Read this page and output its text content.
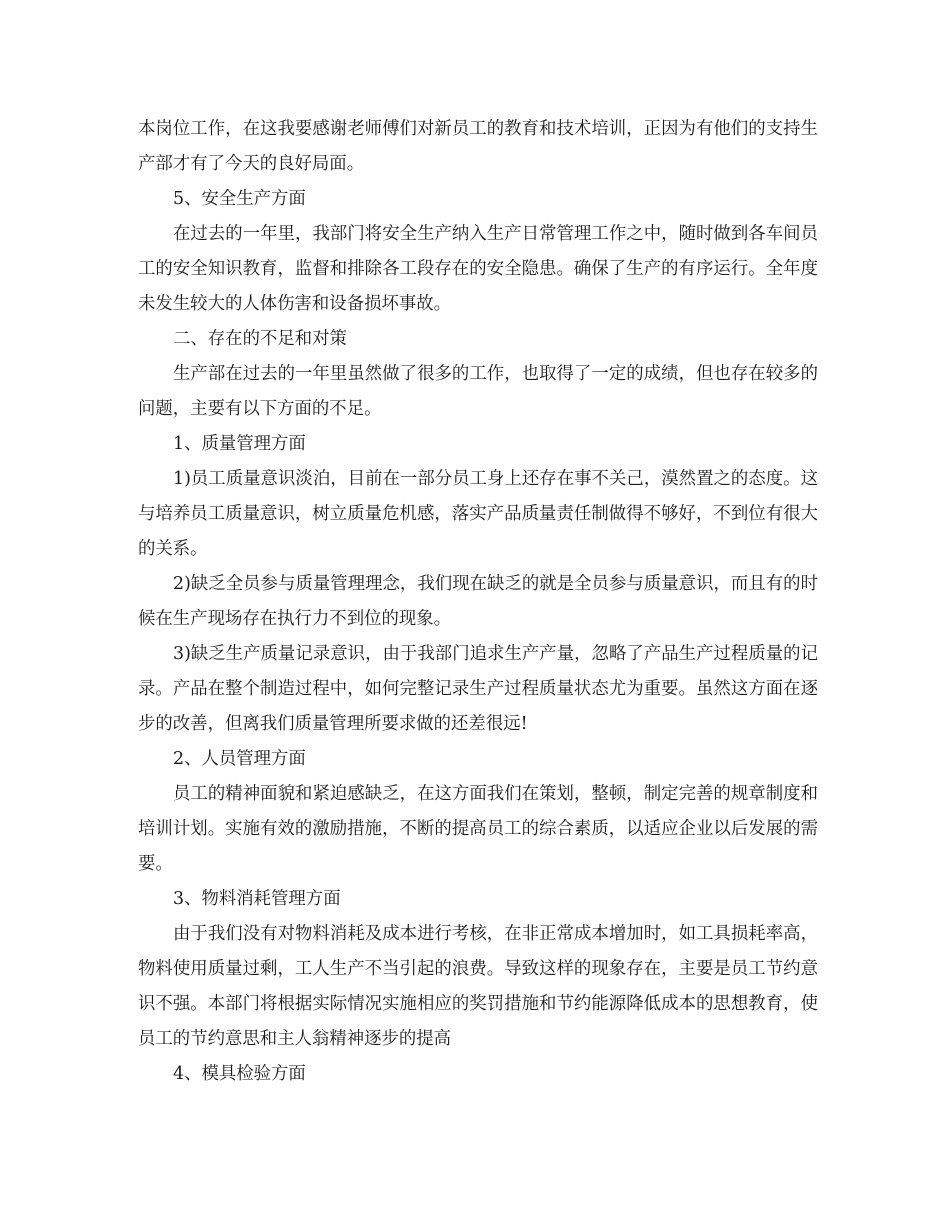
本岗位工作，在这我要感谢老师傅们对新员工的教育和技术培训，正因为有他们的支持生产部才有了今天的良好局面。

5、安全生产方面

在过去的一年里，我部门将安全生产纳入生产日常管理工作之中，随时做到各车间员工的安全知识教育，监督和排除各工段存在的安全隐患。确保了生产的有序运行。全年度未发生较大的人体伤害和设备损坏事故。

二、存在的不足和对策

生产部在过去的一年里虽然做了很多的工作，也取得了一定的成绩，但也存在较多的问题，主要有以下方面的不足。

1、质量管理方面

1)员工质量意识淡泊，目前在一部分员工身上还存在事不关己，漠然置之的态度。这与培养员工质量意识，树立质量危机感，落实产品质量责任制做得不够好，不到位有很大的关系。

2)缺乏全员参与质量管理理念，我们现在缺乏的就是全员参与质量意识，而且有的时候在生产现场存在执行力不到位的现象。

3)缺乏生产质量记录意识，由于我部门追求生产产量，忽略了产品生产过程质量的记录。产品在整个制造过程中，如何完整记录生产过程质量状态尤为重要。虽然这方面在逐步的改善，但离我们质量管理所要求做的还差很远!

2、人员管理方面

员工的精神面貌和紧迫感缺乏，在这方面我们在策划，整顿，制定完善的规章制度和培训计划。实施有效的激励措施，不断的提高员工的综合素质，以适应企业以后发展的需要。

3、物料消耗管理方面

由于我们没有对物料消耗及成本进行考核，在非正常成本增加时，如工具损耗率高，物料使用质量过剩，工人生产不当引起的浪费。导致这样的现象存在，主要是员工节约意识不强。本部门将根据实际情况实施相应的奖罚措施和节约能源降低成本的思想教育，使员工的节约意思和主人翁精神逐步的提高

4、模具检验方面
